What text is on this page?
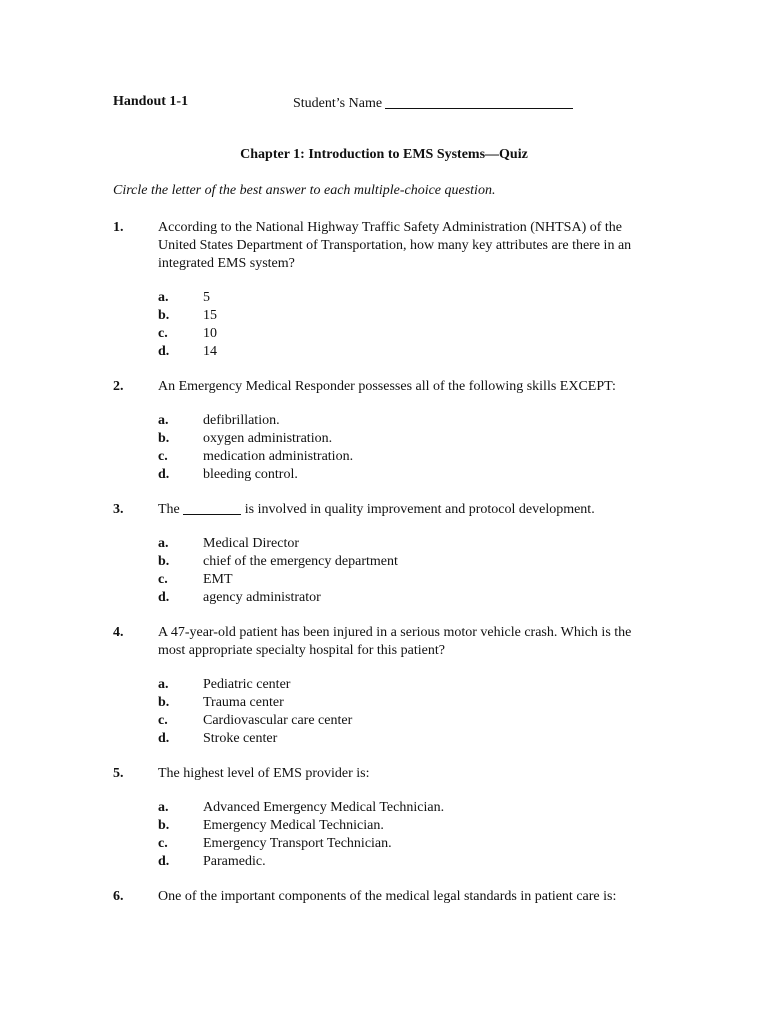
Handout 1-1	Student’s Name
Chapter 1: Introduction to EMS Systems—Quiz
Circle the letter of the best answer to each multiple-choice question.
1.	According to the National Highway Traffic Safety Administration (NHTSA) of the United States Department of Transportation, how many key attributes are there in an integrated EMS system?
a.	5
b.	15
c.	10
d.	14
2.	An Emergency Medical Responder possesses all of the following skills EXCEPT:
a.	defibrillation.
b.	oxygen administration.
c.	medication administration.
d.	bleeding control.
3.	The	is involved in quality improvement and protocol development.
a.	Medical Director
b.	chief of the emergency department
c.	EMT
d.	agency administrator
4.	A 47-year-old patient has been injured in a serious motor vehicle crash. Which is the most appropriate specialty hospital for this patient?
a.	Pediatric center
b.	Trauma center
c.	Cardiovascular care center
d.	Stroke center
5.	The highest level of EMS provider is:
a.	Advanced Emergency Medical Technician.
b.	Emergency Medical Technician.
c.	Emergency Transport Technician.
d.	Paramedic.
6.	One of the important components of the medical legal standards in patient care is:
